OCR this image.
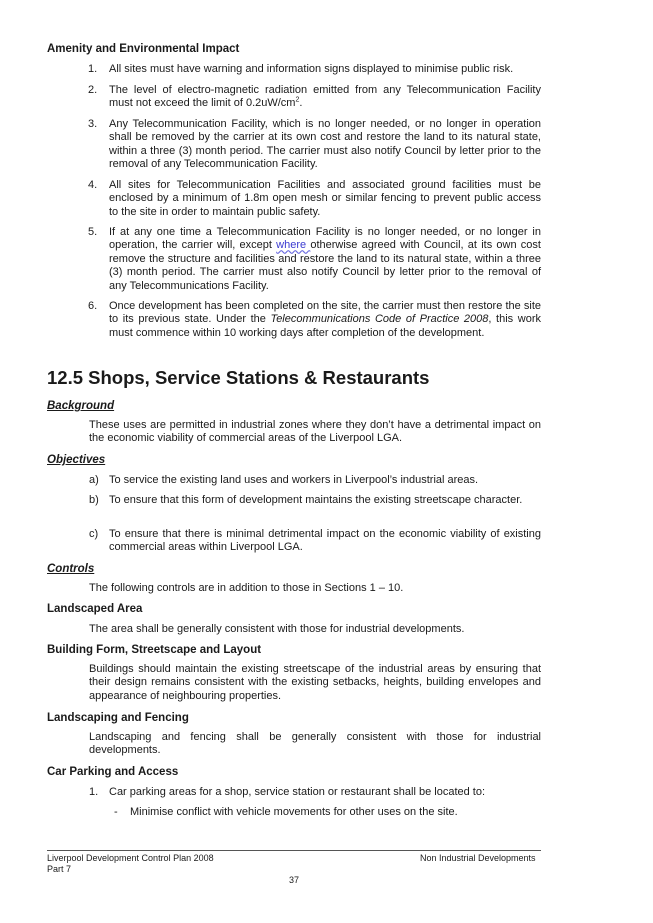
Amenity and Environmental Impact
1.	All sites must have warning and information signs displayed to minimise public risk.
2.	The level of electro-magnetic radiation emitted from any Telecommunication Facility must not exceed the limit of $0.2uW/cm^2$.
3.	Any Telecommunication Facility, which is no longer needed, or no longer in operation shall be removed by the carrier at its own cost and restore the land to its natural state, within a three (3) month period. The carrier must also notify Council by letter prior to the removal of any Telecommunication Facility.
4.	All sites for Telecommunication Facilities and associated ground facilities must be enclosed by a minimum of 1.8m open mesh or similar fencing to prevent public access to the site in order to maintain public safety.
5.	If at any one time a Telecommunication Facility is no longer needed, or no longer in operation, the carrier will, except where otherwise agreed with Council, at its own cost remove the structure and facilities and restore the land to its natural state, within a three (3) month period. The carrier must also notify Council by letter prior to the removal of any Telecommunications Facility.
6.	Once development has been completed on the site, the carrier must then restore the site to its previous state. Under the Telecommunications Code of Practice 2008, this work must commence within 10 working days after completion of the development.
12.5 Shops, Service Stations & Restaurants
Background
These uses are permitted in industrial zones where they don’t have a detrimental impact on the economic viability of commercial areas of the Liverpool LGA.
Objectives
a) To service the existing land uses and workers in Liverpool’s industrial areas.
b) To ensure that this form of development maintains the existing streetscape character.
c) To ensure that there is minimal detrimental impact on the economic viability of existing commercial areas within Liverpool LGA.
Controls
The following controls are in addition to those in Sections 1 – 10.
Landscaped Area
The area shall be generally consistent with those for industrial developments.
Building Form, Streetscape and Layout
Buildings should maintain the existing streetscape of the industrial areas by ensuring that their design remains consistent with the existing setbacks, heights, building envelopes and appearance of neighbouring properties.
Landscaping and Fencing
Landscaping and fencing shall be generally consistent with those for industrial developments.
Car Parking and Access
1. Car parking areas for a shop, service station or restaurant shall be located to:
- Minimise conflict with vehicle movements for other uses on the site.
Liverpool Development Control Plan 2008
Part 7
Non Industrial Developments
37
